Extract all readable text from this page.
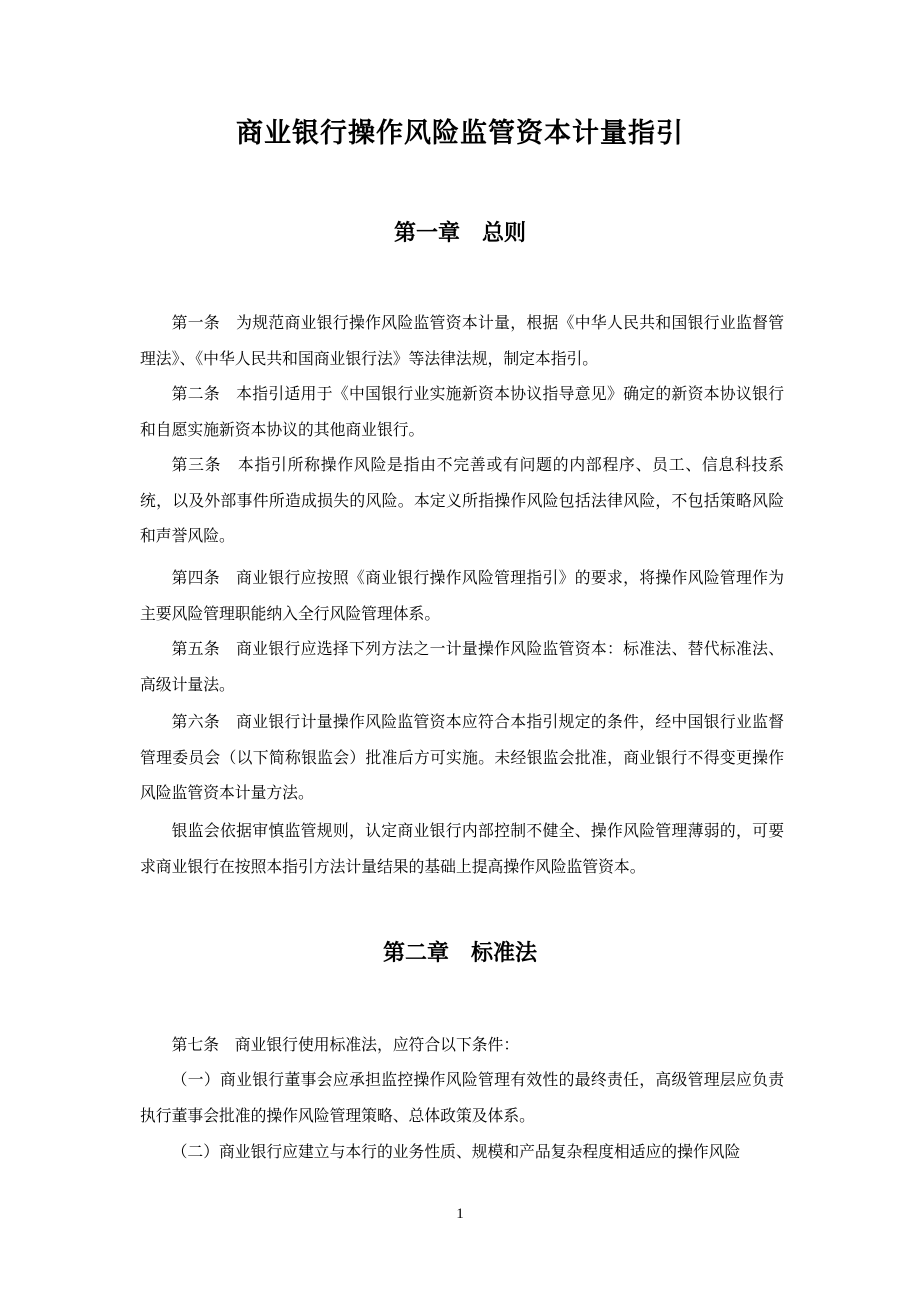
商业银行操作风险监管资本计量指引
第一章　总则
第一条　为规范商业银行操作风险监管资本计量，根据《中华人民共和国银行业监督管理法》、《中华人民共和国商业银行法》等法律法规，制定本指引。
第二条　本指引适用于《中国银行业实施新资本协议指导意见》确定的新资本协议银行和自愿实施新资本协议的其他商业银行。
第三条　本指引所称操作风险是指由不完善或有问题的内部程序、员工、信息科技系统，以及外部事件所造成损失的风险。本定义所指操作风险包括法律风险，不包括策略风险和声誉风险。
第四条　商业银行应按照《商业银行操作风险管理指引》的要求，将操作风险管理作为主要风险管理职能纳入全行风险管理体系。
第五条　商业银行应选择下列方法之一计量操作风险监管资本：标准法、替代标准法、高级计量法。
第六条　商业银行计量操作风险监管资本应符合本指引规定的条件，经中国银行业监督管理委员会（以下简称银监会）批准后方可实施。未经银监会批准，商业银行不得变更操作风险监管资本计量方法。
银监会依据审慎监管规则，认定商业银行内部控制不健全、操作风险管理薄弱的，可要求商业银行在按照本指引方法计量结果的基础上提高操作风险监管资本。
第二章　标准法
第七条　商业银行使用标准法，应符合以下条件：
（一）商业银行董事会应承担监控操作风险管理有效性的最终责任，高级管理层应负责执行董事会批准的操作风险管理策略、总体政策及体系。
（二）商业银行应建立与本行的业务性质、规模和产品复杂程度相适应的操作风险
1
